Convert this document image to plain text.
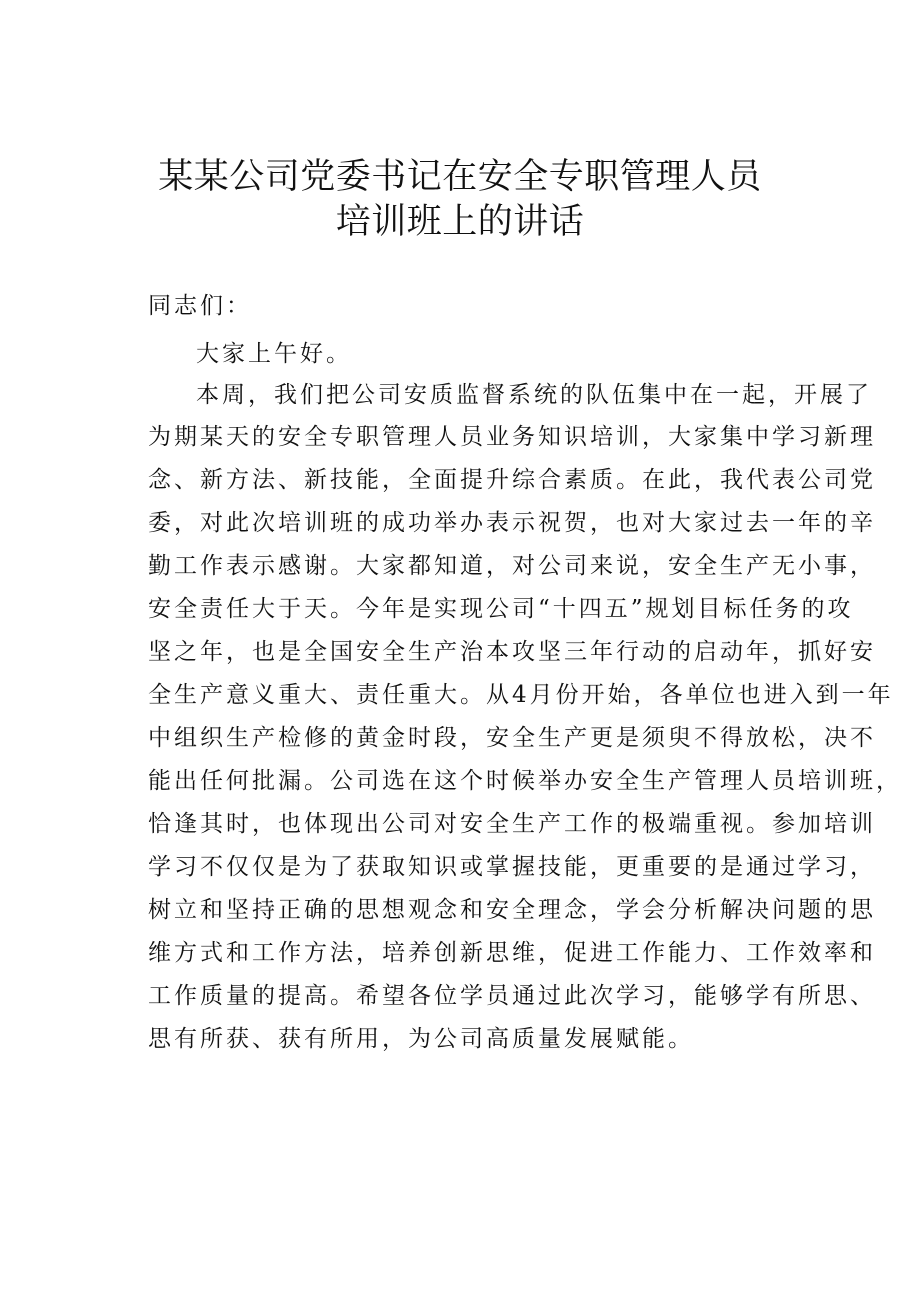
某某公司党委书记在安全专职管理人员
培训班上的讲话
同志们：
大家上午好。
本周，我们把公司安质监督系统的队伍集中在一起，开展了
为期某天的安全专职管理人员业务知识培训，大家集中学习新理
念、新方法、新技能，全面提升综合素质。在此，我代表公司党
委，对此次培训班的成功举办表示祝贺，也对大家过去一年的辛
勤工作表示感谢。大家都知道，对公司来说，安全生产无小事，
安全责任大于天。今年是实现公司“十四五”规划目标任务的攻
坚之年，也是全国安全生产治本攻坚三年行动的启动年，抓好安
全生产意义重大、责任重大。从4月份开始，各单位也进入到一年
中组织生产检修的黄金时段，安全生产更是须臾不得放松，决不
能出任何批漏。公司选在这个时候举办安全生产管理人员培训班，
恰逢其时，也体现出公司对安全生产工作的极端重视。参加培训
学习不仅仅是为了获取知识或掌握技能，更重要的是通过学习，
树立和坚持正确的思想观念和安全理念，学会分析解决问题的思
维方式和工作方法，培养创新思维，促进工作能力、工作效率和
工作质量的提高。希望各位学员通过此次学习，能够学有所思、
思有所获、获有所用，为公司高质量发展赋能。
